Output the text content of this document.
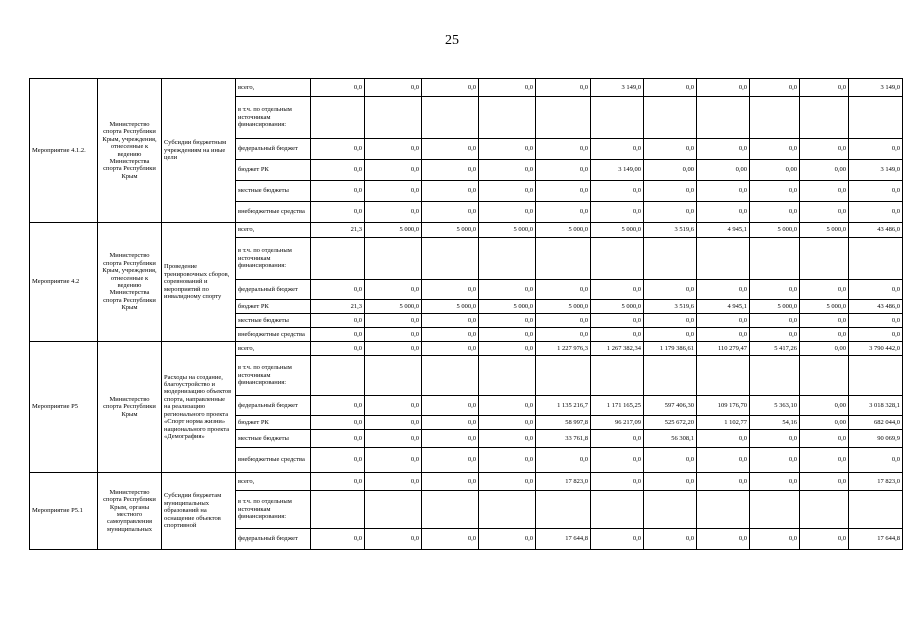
25
Мероприятие 4.1.2.	Министерство спорта Республики Крым, учреждения, отнесенные к ведению Министерства спорта Республики Крым	Субсидии бюджетным учреждениям на иные цели	всего,	0,0	0,0	0,0	0,0	0,0	3 149,0	0,0	0,0	0,0	0,0	3 149,0
			в т.ч. по отдельным источникам финансирования:											
			федеральный бюджет	0,0	0,0	0,0	0,0	0,0	0,0	0,0	0,0	0,0	0,0	0,0
			бюджет РК	0,0	0,0	0,0	0,0	0,0	3 149,00	0,00	0,00	0,00	0,00	3 149,0
			местные бюджеты	0,0	0,0	0,0	0,0	0,0	0,0	0,0	0,0	0,0	0,0	0,0
			внебюджетные средства	0,0	0,0	0,0	0,0	0,0	0,0	0,0	0,0	0,0	0,0	0,0
Мероприятие 4.2	Министерство спорта Республики Крым, учреждения, отнесенные к ведению Министерства спорта Республики Крым	Проведение тренировочных сборов, соревнований и мероприятий по инвалидному спорту	всего,	21,3	5 000,0	5 000,0	5 000,0	5 000,0	5 000,0	3 519,6	4 945,1	5 000,0	5 000,0	43 486,0
			в т.ч. по отдельным источникам финансирования:											
			федеральный бюджет	0,0	0,0	0,0	0,0	0,0	0,0	0,0	0,0	0,0	0,0	0,0
			бюджет РК	21,3	5 000,0	5 000,0	5 000,0	5 000,0	5 000,0	3 519,6	4 945,1	5 000,0	5 000,0	43 486,0
			местные бюджеты	0,0	0,0	0,0	0,0	0,0	0,0	0,0	0,0	0,0	0,0	0,0
			внебюджетные средства	0,0	0,0	0,0	0,0	0,0	0,0	0,0	0,0	0,0	0,0	0,0
Мероприятие Р5	Министерство спорта Республики Крым	Расходы на создание, благоустройство и модернизацию объектов спорта, направленные на реализацию регионального проекта «Спорт норма жизни» национального проекта «Демография»	всего,	0,0	0,0	0,0	0,0	1 227 976,3	1 267 382,34	1 179 386,61	110 279,47	5 417,26	0,00	3 790 442,0
			в т.ч. по отдельным источникам финансирования:											
			федеральный бюджет	0,0	0,0	0,0	0,0	1 135 216,7	1 171 165,25	597 406,30	109 176,70	5 363,10	0,00	3 018 328,1
			бюджет РК	0,0	0,0	0,0	0,0	58 997,8	96 217,09	525 672,20	1 102,77	54,16	0,00	682 044,0
			местные бюджеты	0,0	0,0	0,0	0,0	33 761,8	0,0	56 308,1	0,0	0,0	0,0	90 069,9
			внебюджетные средства	0,0	0,0	0,0	0,0	0,0	0,0	0,0	0,0	0,0	0,0	0,0
Мероприятие Р5.1	Министерство спорта Республики Крым, органы местного самоуправления муниципальных	Субсидии бюджетам муниципальных образований на оснащение объектов спортивной	всего,	0,0	0,0	0,0	0,0	17 823,0	0,0	0,0	0,0	0,0	0,0	17 823,0
			в т.ч. по отдельным источникам финансирования:											
			федеральный бюджет	0,0	0,0	0,0	0,0	17 644,8	0,0	0,0	0,0	0,0	0,0	17 644,8
